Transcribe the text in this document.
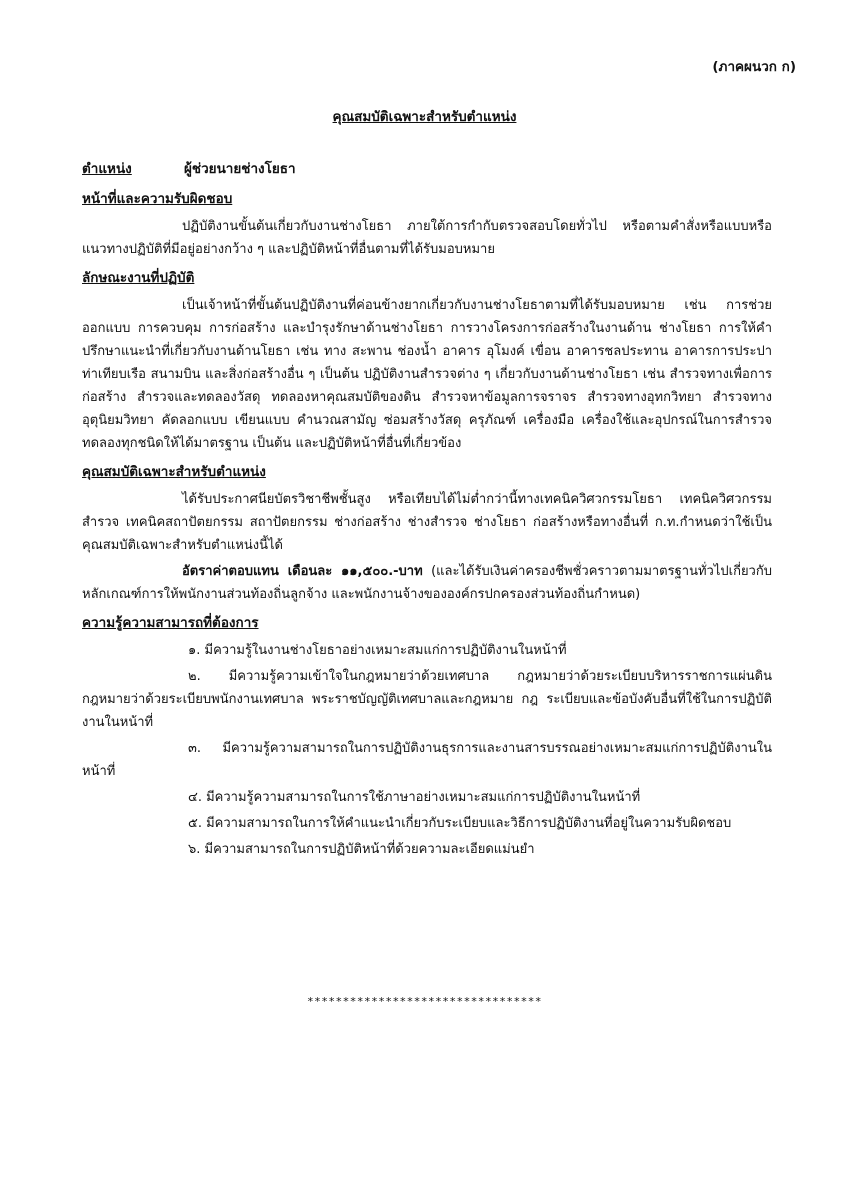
(ภาคผนวก ก)
คุณสมบัติเฉพาะสำหรับตำแหน่ง
ตำแหน่ง	ผู้ช่วยนายช่างโยธา
หน้าที่และความรับผิดชอบ

ปฏิบัติงานขั้นต้นเกี่ยวกับงานช่างโยธา ภายใต้การกำกับตรวจสอบโดยทั่วไป หรือตามคำสั่งหรือแบบหรือแนวทางปฏิบัติที่มีอยู่อย่างกว้าง ๆ และปฏิบัติหน้าที่อื่นตามที่ได้รับมอบหมาย

ลักษณะงานที่ปฏิบัติ

เป็นเจ้าหน้าที่ขั้นต้นปฏิบัติงานที่ค่อนข้างยากเกี่ยวกับงานช่างโยธาตามที่ได้รับมอบหมาย เช่น การช่วยออกแบบ การควบคุม การก่อสร้าง และบำรุงรักษาด้านช่างโยธา การวางโครงการก่อสร้างในงานด้าน ช่างโยธา การให้คำปรึกษาแนะนำที่เกี่ยวกับงานด้านโยธา เช่น ทาง สะพาน ช่องน้ำ อาคาร อุโมงค์ เขื่อน อาคารชลประทาน อาคารการประปา ท่าเทียบเรือ สนามบิน และสิ่งก่อสร้างอื่น ๆ เป็นต้น ปฏิบัติงานสำรวจต่าง ๆ เกี่ยวกับงานด้านช่างโยธา เช่น สำรวจทางเพื่อการก่อสร้าง สำรวจและทดลองวัสดุ ทดลองหาคุณสมบัติของดิน สำรวจหาข้อมูลการจราจร สำรวจทางอุทกวิทยา สำรวจทางอุตุนิยมวิทยา คัดลอกแบบ เขียนแบบ คำนวณสามัญ ซ่อมสร้างวัสดุ ครุภัณฑ์ เครื่องมือ เครื่องใช้และอุปกรณ์ในการสำรวจ ทดลองทุกชนิดให้ได้มาตรฐาน เป็นต้น และปฏิบัติหน้าที่อื่นที่เกี่ยวข้อง

คุณสมบัติเฉพาะสำหรับตำแหน่ง

ได้รับประกาศนียบัตรวิชาชีพชั้นสูง หรือเทียบได้ไม่ต่ำกว่านี้ทางเทคนิควิศวกรรมโยธา เทคนิควิศวกรรมสำรวจ เทคนิคสถาปัตยกรรม สถาปัตยกรรม ช่างก่อสร้าง ช่างสำรวจ ช่างโยธา ก่อสร้างหรือทางอื่นที่ ก.ท.กำหนดว่าใช้เป็นคุณสมบัติเฉพาะสำหรับตำแหน่งนี้ได้

อัตราค่าตอบแทน เดือนละ ๑๑,๕๐๐.-บาท (และได้รับเงินค่าครองชีพชั่วคราวตามมาตรฐานทั่วไปเกี่ยวกับหลักเกณฑ์การให้พนักงานส่วนท้องถิ่นลูกจ้าง และพนักงานจ้างขององค์กรปกครองส่วนท้องถิ่นกำหนด)

ความรู้ความสามารถที่ต้องการ
๑. มีความรู้ในงานช่างโยธาอย่างเหมาะสมแก่การปฏิบัติงานในหน้าที่
๒. มีความรู้ความเข้าใจในกฎหมายว่าด้วยเทศบาล กฎหมายว่าด้วยระเบียบบริหารราชการแผ่นดิน กฎหมายว่าด้วยระเบียบพนักงานเทศบาล พระราชบัญญัติเทศบาลและกฎหมาย กฎ ระเบียบและข้อบังคับอื่นที่ใช้ในการปฏิบัติงานในหน้าที่
๓. มีความรู้ความสามารถในการปฏิบัติงานธุรการและงานสารบรรณอย่างเหมาะสมแก่การปฏิบัติงานในหน้าที่
๔. มีความรู้ความสามารถในการใช้ภาษาอย่างเหมาะสมแก่การปฏิบัติงานในหน้าที่
๕. มีความสามารถในการให้คำแนะนำเกี่ยวกับระเบียบและวิธีการปฏิบัติงานที่อยู่ในความรับผิดชอบ
๖. มีความสามารถในการปฏิบัติหน้าที่ด้วยความละเอียดแม่นยำ
*********************************
